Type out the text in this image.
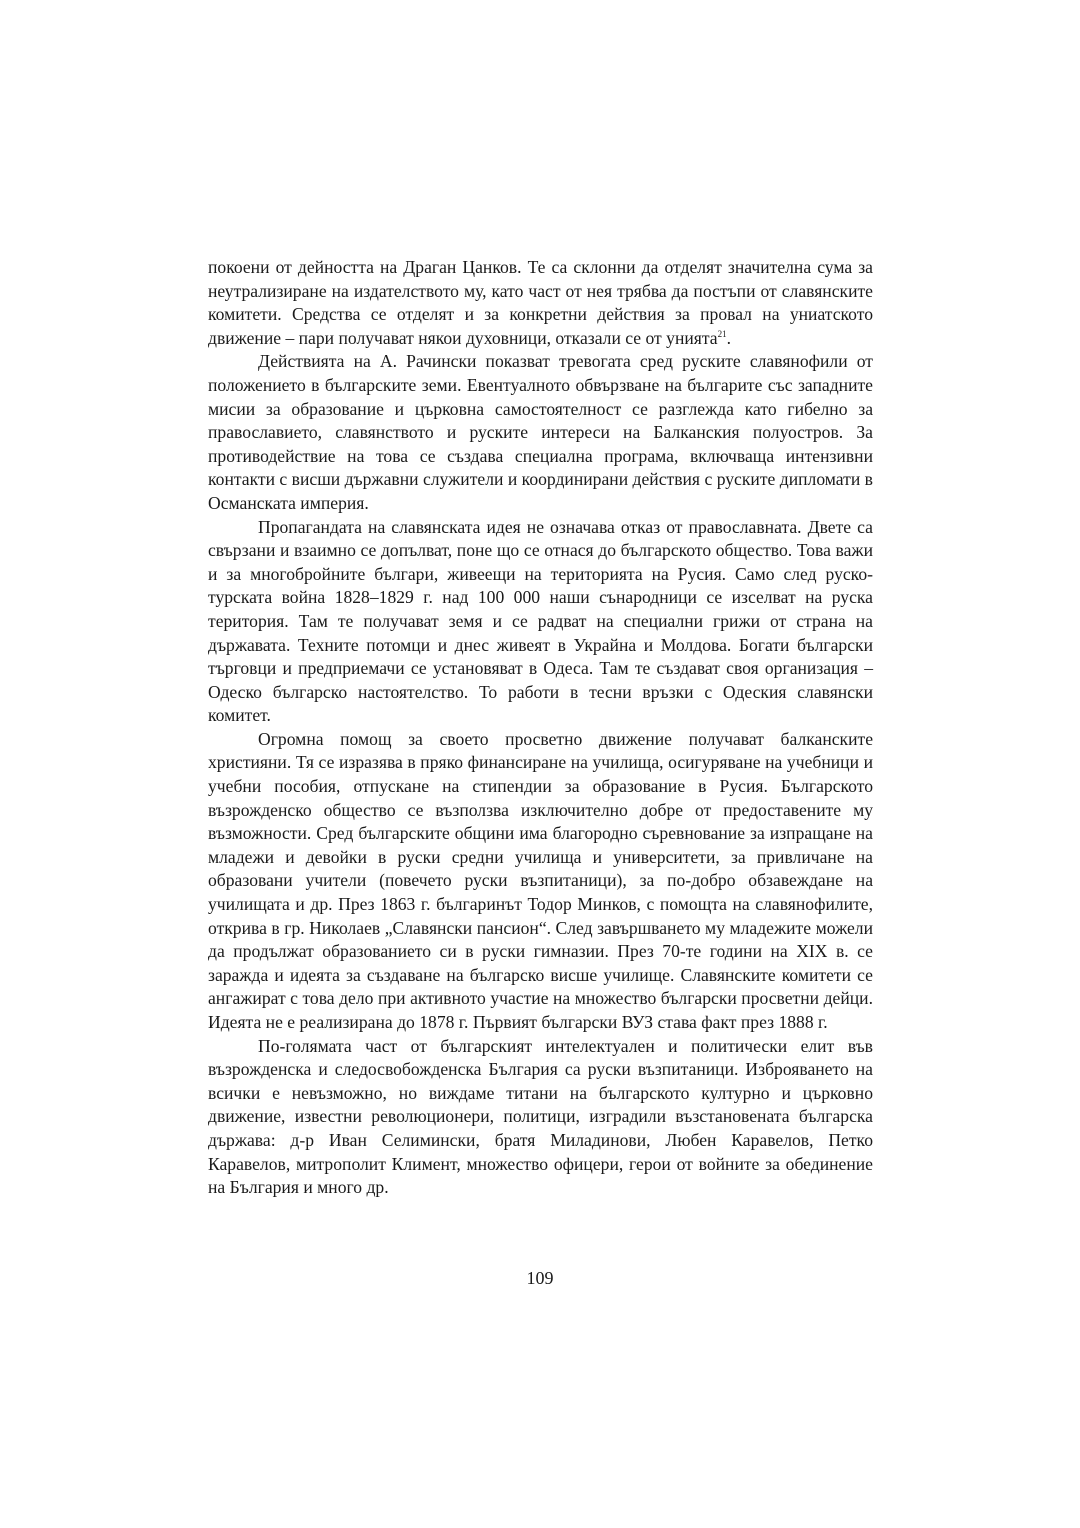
покоени от дейността на Драган Цанков. Те са склонни да отделят значителна сума за неутрализиране на издателството му, като част от нея трябва да постъпи от славянските комитети. Средства се отделят и за конкретни действия за провал на униатското движение – пари получават някои духовници, отказали се от унията$^{21}$.

Действията на А. Рачински показват тревогата сред руските славянофили от положението в българските земи. Евентуалното обвързване на българите със западните мисии за образование и църковна самостоятелност се разглежда като гибелно за православието, славянството и руските интереси на Балканския полуостров. За противодействие на това се създава специална програма, включваща интензивни контакти с висши държавни служители и координирани действия с руските дипломати в Османската империя.

Пропагандата на славянската идея не означава отказ от православната. Двете са свързани и взаимно се допълват, поне що се отнася до българското общество. Това важи и за многобройните българи, живеещи на територията на Русия. Само след руско-турската война 1828–1829 г. над 100 000 наши сънародници се изселват на руска територия. Там те получават земя и се радват на специални грижи от страна на държавата. Техните потомци и днес живеят в Украйна и Молдова. Богати български търговци и предприемачи се установяват в Одеса. Там те създават своя организация – Одеско българско настоятелство. То работи в тесни връзки с Одеския славянски комитет.

Огромна помощ за своето просветно движение получават балканските християни. Тя се изразява в пряко финансиране на училища, осигуряване на учебници и учебни пособия, отпускане на стипендии за образование в Русия. Българското възрожденско общество се възползва изключително добре от предоставените му възможности. Сред българските общини има благородно съревнование за изпращане на младежи и девойки в руски средни училища и университети, за привличане на образовани учители (повечето руски възпитаници), за по-добро обзавеждане на училищата и др. През 1863 г. българинът Тодор Минков, с помощта на славянофилите, открива в гр. Николаев „Славянски пансион“. След завършването му младежите можели да продължат образованието си в руски гимназии. През 70-те години на XIX в. се заражда и идеята за създаване на българско висше училище. Славянските комитети се ангажират с това дело при активното участие на множество български просветни дейци. Идеята не е реализирана до 1878 г. Първият български ВУЗ става факт през 1888 г.

По-голямата част от българският интелектуален и политически елит във възрожденска и следосвобожденска България са руски възпитаници. Изброяването на всички е невъзможно, но виждаме титани на българското културно и църковно движение, известни революционери, политици, изградили възстановената българска държава: д-р Иван Селимински, братя Миладинови, Любен Каравелов, Петко Каравелов, митрополит Климент, множество офицери, герои от войните за обединение на България и много др.

109
